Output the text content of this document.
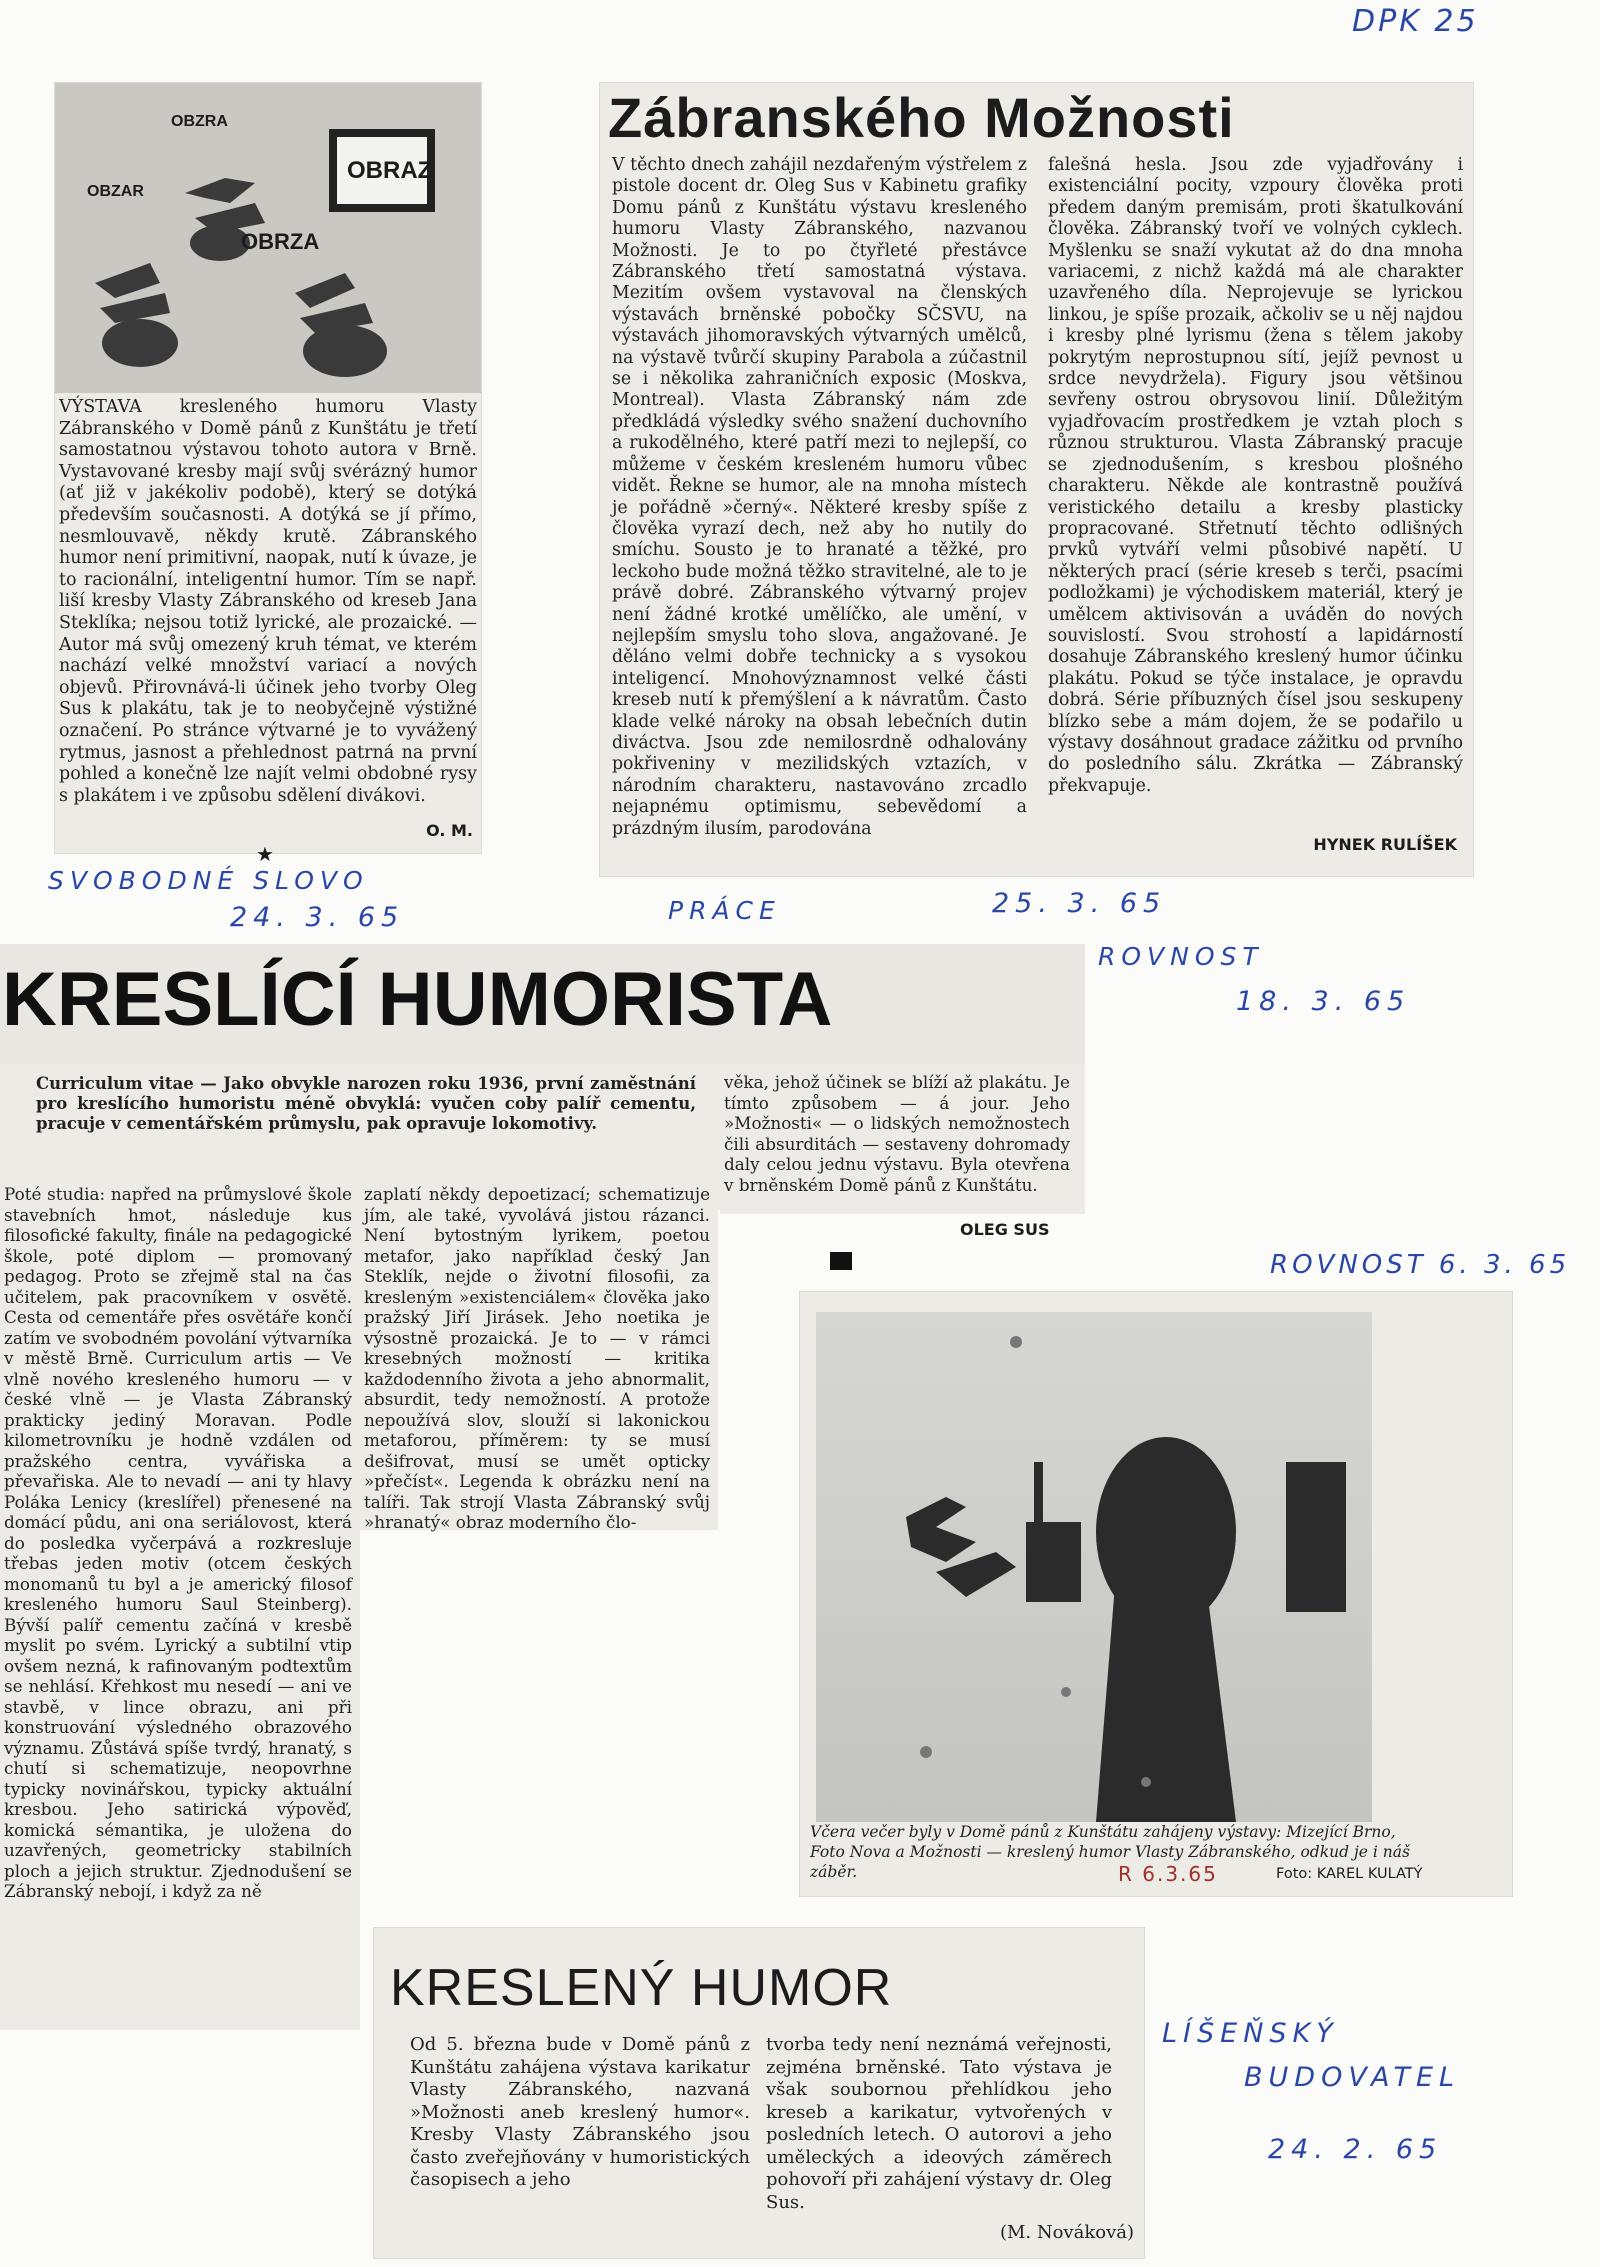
DPK 25
SVOBODNÉ SLOVO
24. 3. 65	PRÁCE	25. 3. 65
ROVNOST
18. 3. 65
ROVNOST 6. 3. 65
LÍŠEŇSKÝ
BUDOVATEL
24. 2. 65
OBZRA
OBZAR
OBRAZ
OBRZA
VÝSTAVA kresleného humoru Vlasty Zábranského v Domě pánů z Kunštátu je třetí samostatnou výstavou tohoto autora v Brně. Vystavované kresby mají svůj svérázný humor (ať již v jakékoliv podobě), který se dotýká především současnosti. A dotýká se jí přímo, nesmlouvavě, někdy krutě. Zábranského humor není primitivní, naopak, nutí k úvaze, je to racionální, inteligentní humor. Tím se např. liší kresby Vlasty Zábranského od kreseb Jana Steklíka; nejsou totiž lyrické, ale prozaické. — Autor má svůj omezený kruh témat, ve kterém nachází velké množství variací a nových objevů. Přirovnává-li účinek jeho tvorby Oleg Sus k plakátu, tak je to neobyčejně výstižné označení. Po stránce výtvarné je to vyvážený rytmus, jasnost a přehlednost patrná na první pohled a konečně lze najít velmi obdobné rysy s plakátem i ve způsobu sdělení divákovi.
O. M.
★
Zábranského Možnosti
V těchto dnech zahájil nezdařeným výstřelem z pistole docent dr. Oleg Sus v Kabinetu grafiky Domu pánů z Kunštátu výstavu kresleného humoru Vlasty Zábranského, nazvanou Možnosti. Je to po čtyřleté přestávce Zábranského třetí samostatná výstava. Mezitím ovšem vystavoval na členských výstavách brněnské pobočky SČSVU, na výstavách jihomoravských výtvarných umělců, na výstavě tvůrčí skupiny Parabola a zúčastnil se i několika zahraničních exposic (Moskva, Montreal). Vlasta Zábranský nám zde předkládá výsledky svého snažení duchovního a rukodělného, které patří mezi to nejlepší, co můžeme v českém kresleném humoru vůbec vidět. Řekne se humor, ale na mnoha místech je pořádně »černý«. Některé kresby spíše z člověka vyrazí dech, než aby ho nutily do smíchu. Sousto je to hranaté a těžké, pro leckoho bude možná těžko stravitelné, ale to je právě dobré. Zábranského výtvarný projev není žádné krotké umělíčko, ale umění, v nejlepším smyslu toho slova, angažované. Je děláno velmi dobře technicky a s vysokou inteligencí. Mnohovýznamnost velké části kreseb nutí k přemýšlení a k návratům. Často klade velké nároky na obsah lebečních dutin diváctva. Jsou zde nemilosrdně odhalovány pokřiveniny v mezilidských vztazích, v národním charakteru, nastavováno zrcadlo nejapnému optimismu, sebevědomí a prázdným ilusím, parodována
falešná hesla. Jsou zde vyjadřovány i existenciální pocity, vzpoury člověka proti předem daným premisám, proti škatulkování člověka. Zábranský tvoří ve volných cyklech. Myšlenku se snaží vykutat až do dna mnoha variacemi, z nichž každá má ale charakter uzavřeného díla. Neprojevuje se lyrickou linkou, je spíše prozaik, ačkoliv se u něj najdou i kresby plné lyrismu (žena s tělem jakoby pokrytým neprostupnou sítí, jejíž pevnost u srdce nevydržela). Figury jsou většinou sevřeny ostrou obrysovou linií. Důležitým vyjadřovacím prostředkem je vztah ploch s různou strukturou. Vlasta Zábranský pracuje se zjednodušením, s kresbou plošného charakteru. Někde ale kontrastně používá veristického detailu a kresby plasticky propracované. Střetnutí těchto odlišných prvků vytváří velmi působivé napětí. U některých prací (série kreseb s terči, psacími podložkami) je východiskem materiál, který je umělcem aktivisován a uváděn do nových souvislostí. Svou strohostí a lapidárností dosahuje Zábranského kreslený humor účinku plakátu. Pokud se týče instalace, je opravdu dobrá. Série příbuzných čísel jsou seskupeny blízko sebe a mám dojem, že se podařilo u výstavy dosáhnout gradace zážitku od prvního do posledního sálu. Zkrátka — Zábranský překvapuje.
HYNEK RULÍŠEK
KRESLÍCÍ HUMORISTA
Curriculum vitae — Jako obvykle narozen roku 1936, první zaměstnání pro kreslícího humoristu méně obvyklá: vyučen coby palíř cementu, pracuje v cementářském průmyslu, pak opravuje lokomotivy.
Poté studia: napřed na průmyslové škole stavebních hmot, následuje kus filosofické fakulty, finále na pedagogické škole, poté diplom — promovaný pedagog. Proto se zřejmě stal na čas učitelem, pak pracovníkem v osvětě. Cesta od cementáře přes osvětáře končí zatím ve svobodném povolání výtvarníka v městě Brně. Curriculum artis — Ve vlně nového kresleného humoru — v české vlně — je Vlasta Zábranský prakticky jediný Moravan. Podle kilometrovníku je hodně vzdálen od pražského centra, vyvářiska a převařiska. Ale to nevadí — ani ty hlavy Poláka Lenicy (kreslířel) přenesené na domácí půdu, ani ona seriálovost, která do posledka vyčerpává a rozkresluje třebas jeden motiv (otcem českých monomanů tu byl a je americký filosof kresleného humoru Saul Steinberg). Bývší palíř cementu začíná v kresbě myslit po svém. Lyrický a subtilní vtip ovšem nezná, k rafinovaným podtextům se nehlásí. Křehkost mu nesedí — ani ve stavbě, v lince obrazu, ani při konstruování výsledného obrazového významu. Zůstává spíše tvrdý, hranatý, s chutí si schematizuje, neopovrhne typicky novinářskou, typicky aktuální kresbou. Jeho satirická výpověď, komická sémantika, je uložena do uzavřených, geometricky stabilních ploch a jejich struktur. Zjednodušení se Zábranský nebojí, i když za ně
zaplatí někdy depoetizací; schematizuje jím, ale také, vyvolává jistou rázanci. Není bytostným lyrikem, poetou metafor, jako například český Jan Steklík, nejde o životní filosofii, za kresleným »existenciálem« člověka jako pražský Jiří Jirásek. Jeho noetika je výsostně prozaická. Je to — v rámci kresebných možností — kritika každodenního života a jeho abnormalit, absurdit, tedy nemožností. A protože nepoužívá slov, slouží si lakonickou metaforou, příměrem: ty se musí dešifrovat, musí se umět opticky »přečíst«. Legenda k obrázku není na talíři. Tak strojí Vlasta Zábranský svůj »hranatý« obraz moderního člo-
věka, jehož účinek se blíží až plakátu. Je tímto způsobem — á jour. Jeho »Možnosti« — o lidských nemožnostech čili absurditách — sestaveny dohromady daly celou jednu výstavu. Byla otevřena v brněnském Domě pánů z Kunštátu.
OLEG SUS
Včera večer byly v Domě pánů z Kunštátu zahájeny výstavy: Mizející Brno, Foto Nova a Možnosti — kreslený humor Vlasty Zábranského, odkud je i náš záběr.	Foto: KAREL KULATÝ
R 6.3.65
KRESLENÝ HUMOR
Od 5. března bude v Domě pánů z Kunštátu zahájena výstava karikatur Vlasty Zábranského, nazvaná »Možnosti aneb kreslený humor«. Kresby Vlasty Zábranského jsou často zveřejňovány v humoristických časopisech a jeho
tvorba tedy není neznámá veřejnosti, zejména brněnské. Tato výstava je však soubornou přehlídkou jeho kreseb a karikatur, vytvořených v posledních letech. O autorovi a jeho uměleckých a ideových záměrech pohovoří při zahájení výstavy dr. Oleg Sus.
(M. Nováková)
